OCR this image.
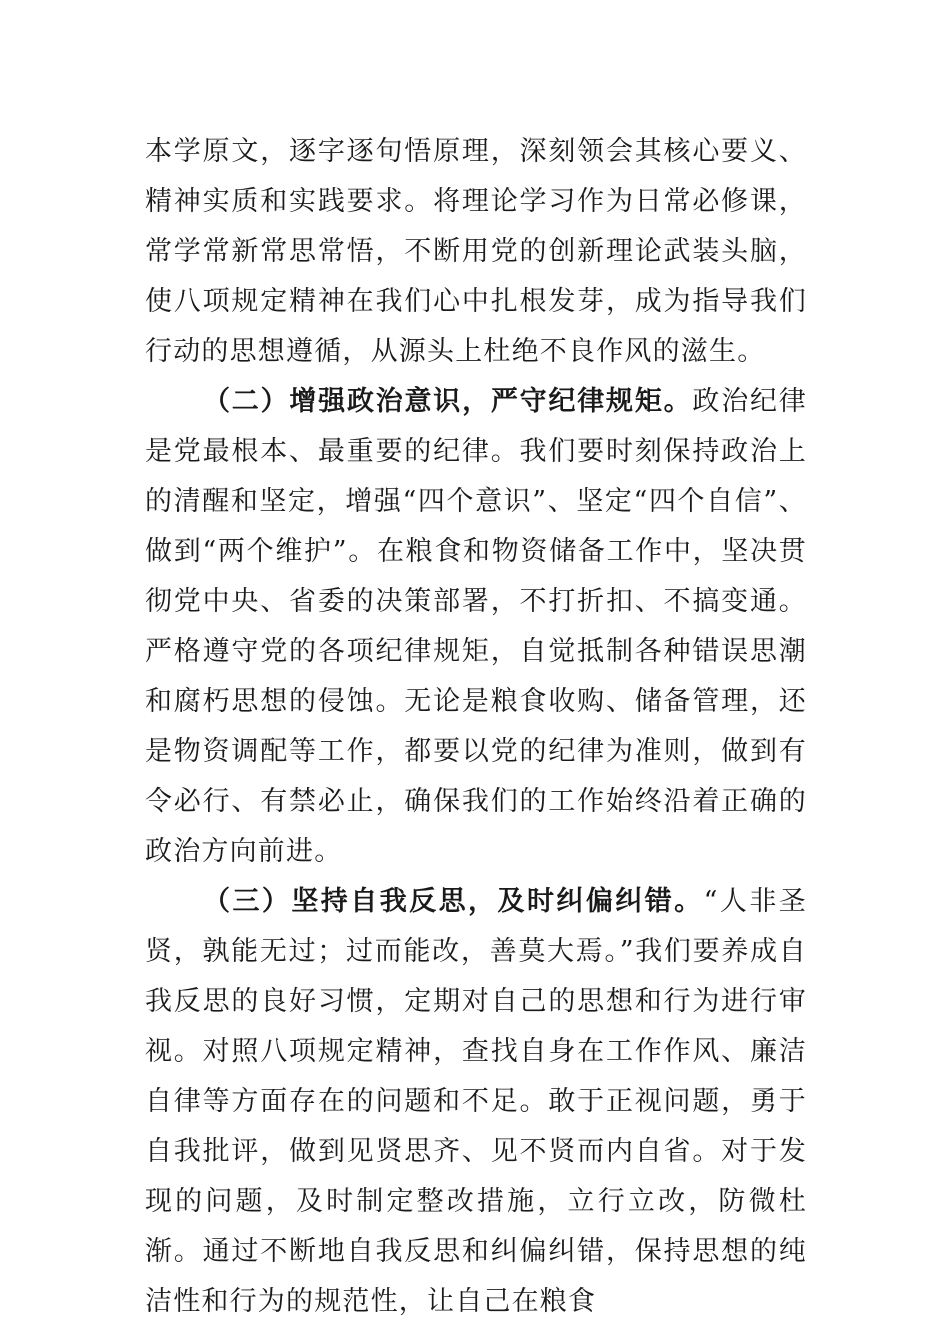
本学原文，逐字逐句悟原理，深刻领会其核心要义、精神实质和实践要求。将理论学习作为日常必修课，常学常新常思常悟，不断用党的创新理论武装头脑，使八项规定精神在我们心中扎根发芽，成为指导我们行动的思想遵循，从源头上杜绝不良作风的滋生。

（二）增强政治意识，严守纪律规矩。政治纪律是党最根本、最重要的纪律。我们要时刻保持政治上的清醒和坚定，增强“四个意识”、坚定“四个自信”、做到“两个维护”。在粮食和物资储备工作中，坚决贯彻党中央、省委的决策部署，不打折扣、不搞变通。严格遵守党的各项纪律规矩，自觉抵制各种错误思潮和腐朽思想的侵蚀。无论是粮食收购、储备管理，还是物资调配等工作，都要以党的纪律为准则，做到有令必行、有禁必止，确保我们的工作始终沿着正确的政治方向前进。

（三）坚持自我反思，及时纠偏纠错。“人非圣贤，孰能无过；过而能改，善莫大焉。”我们要养成自我反思的良好习惯，定期对自己的思想和行为进行审视。对照八项规定精神，查找自身在工作作风、廉洁自律等方面存在的问题和不足。敢于正视问题，勇于自我批评，做到见贤思齐、见不贤而内自省。对于发现的问题，及时制定整改措施，立行立改，防微杜渐。通过不断地自我反思和纠偏纠错，保持思想的纯洁性和行为的规范性，让自己在粮食
